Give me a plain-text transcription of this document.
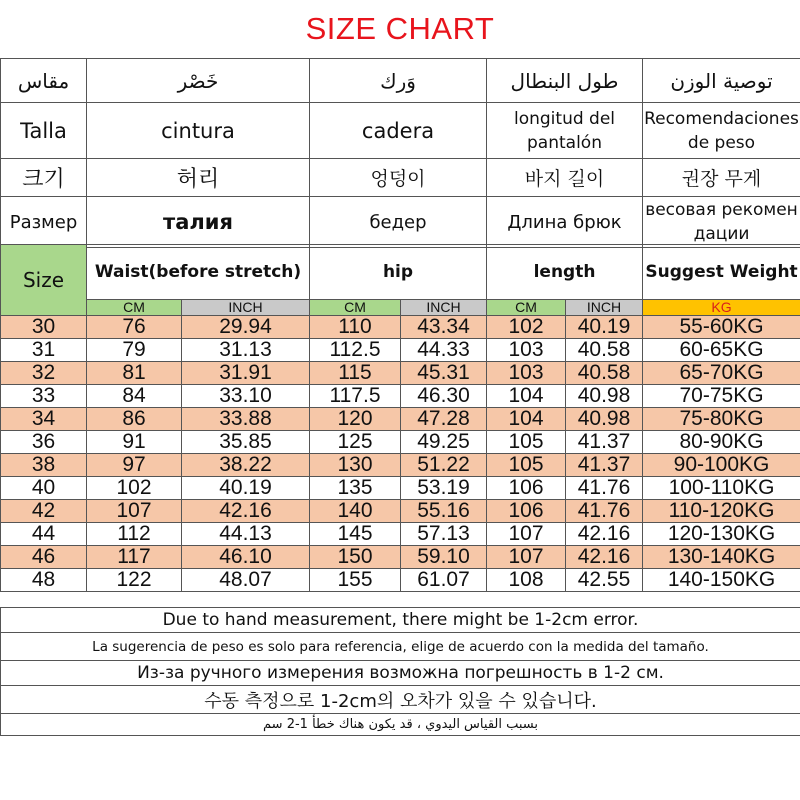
SIZE CHART
مقاس	خَصْر	وَرك	طول البنطال	توصية الوزن
Talla	cintura	cadera	longitud del pantalón	Recomendaciones de peso
크기	허리	엉덩이	바지 길이	권장 무게
Размер	талия	бедер	Длина брюк	весовая рекомендации
Size	Waist(before stretch)		hip		length		Suggest Weight
	CM	INCH	CM	INCH	CM	INCH	KG
30	76	29.94	110	43.34	102	40.19	55-60KG
31	79	31.13	112.5	44.33	103	40.58	60-65KG
32	81	31.91	115	45.31	103	40.58	65-70KG
33	84	33.10	117.5	46.30	104	40.98	70-75KG
34	86	33.88	120	47.28	104	40.98	75-80KG
36	91	35.85	125	49.25	105	41.37	80-90KG
38	97	38.22	130	51.22	105	41.37	90-100KG
40	102	40.19	135	53.19	106	41.76	100-110KG
42	107	42.16	140	55.16	106	41.76	110-120KG
44	112	44.13	145	57.13	107	42.16	120-130KG
46	117	46.10	150	59.10	107	42.16	130-140KG
48	122	48.07	155	61.07	108	42.55	140-150KG
Due to hand measurement, there might be 1-2cm error.
La sugerencia de peso es solo para referencia, elige de acuerdo con la medida del tamaño.
Из-за ручного измерения возможна погрешность в 1-2 см.
수동 측정으로 1-2cm의 오차가 있을 수 있습니다.
بسبب القياس اليدوي ، قد يكون هناك خطأ 1-2 سم
